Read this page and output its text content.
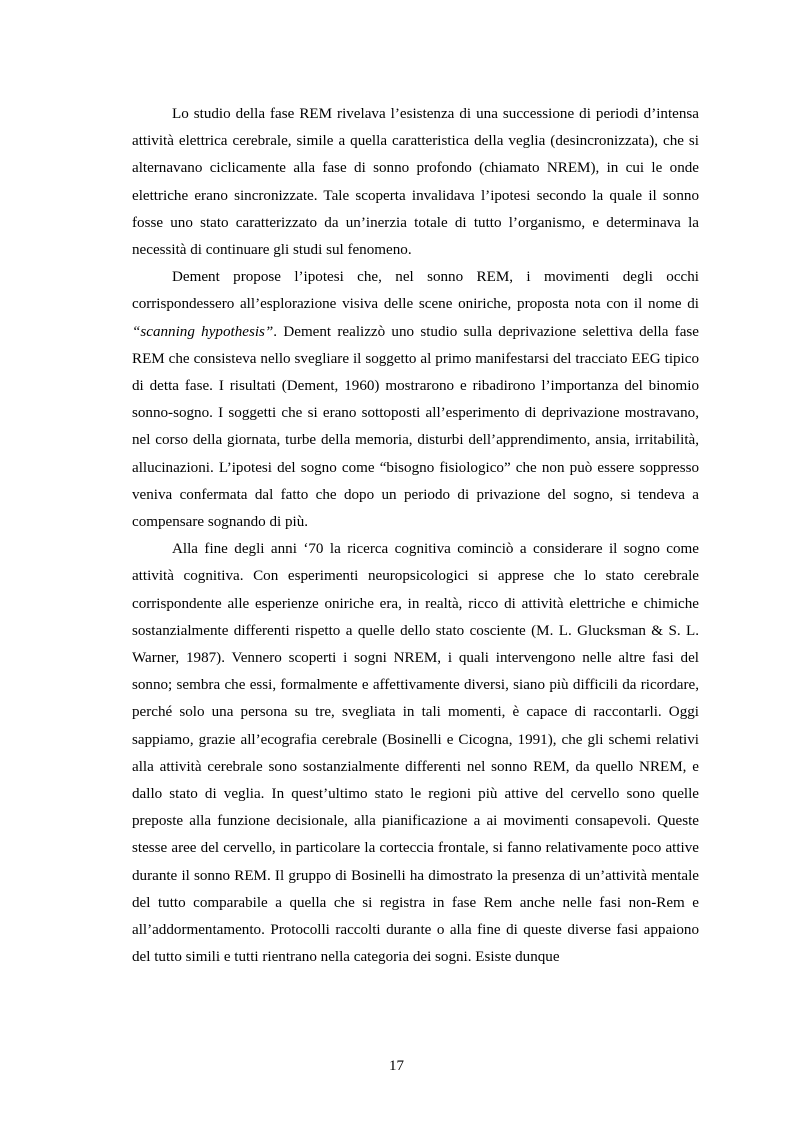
Lo studio della fase REM rivelava l’esistenza di una successione di periodi d’intensa attività elettrica cerebrale, simile a quella caratteristica della veglia (desincronizzata), che si alternavano ciclicamente alla fase di sonno profondo (chiamato NREM), in cui le onde elettriche erano sincronizzate. Tale scoperta invalidava l’ipotesi secondo la quale il sonno fosse uno stato caratterizzato da un’inerzia totale di tutto l’organismo, e determinava la necessità di continuare gli studi sul fenomeno.

Dement propose l’ipotesi che, nel sonno REM, i movimenti degli occhi corrispondessero all’esplorazione visiva delle scene oniriche, proposta nota con il nome di “scanning hypothesis”. Dement realizzò uno studio sulla deprivazione selettiva della fase REM che consisteva nello svegliare il soggetto al primo manifestarsi del tracciato EEG tipico di detta fase. I risultati (Dement, 1960) mostrarono e ribadirono l’importanza del binomio sonno-sogno. I soggetti che si erano sottoposti all’esperimento di deprivazione mostravano, nel corso della giornata, turbe della memoria, disturbi dell’apprendimento, ansia, irritabilità, allucinazioni. L’ipotesi del sogno come “bisogno fisiologico” che non può essere soppresso veniva confermata dal fatto che dopo un periodo di privazione del sogno, si tendeva a compensare sognando di più.

Alla fine degli anni ‘70 la ricerca cognitiva cominciò a considerare il sogno come attività cognitiva. Con esperimenti neuropsicologici si apprese che lo stato cerebrale corrispondente alle esperienze oniriche era, in realtà, ricco di attività elettriche e chimiche sostanzialmente differenti rispetto a quelle dello stato cosciente (M. L. Glucksman & S. L. Warner, 1987). Vennero scoperti i sogni NREM, i quali intervengono nelle altre fasi del sonno; sembra che essi, formalmente e affettivamente diversi, siano più difficili da ricordare, perché solo una persona su tre, svegliata in tali momenti, è capace di raccontarli. Oggi sappiamo, grazie all’ecografia cerebrale (Bosinelli e Cicogna, 1991), che gli schemi relativi alla attività cerebrale sono sostanzialmente differenti nel sonno REM, da quello NREM, e dallo stato di veglia. In quest’ultimo stato le regioni più attive del cervello sono quelle preposte alla funzione decisionale, alla pianificazione a ai movimenti consapevoli. Queste stesse aree del cervello, in particolare la corteccia frontale, si fanno relativamente poco attive durante il sonno REM. Il gruppo di Bosinelli ha dimostrato la presenza di un’attività mentale del tutto comparabile a quella che si registra in fase Rem anche nelle fasi non-Rem e all’addormentamento. Protocolli raccolti durante o alla fine di queste diverse fasi appaiono del tutto simili e tutti rientrano nella categoria dei sogni. Esiste dunque

17
